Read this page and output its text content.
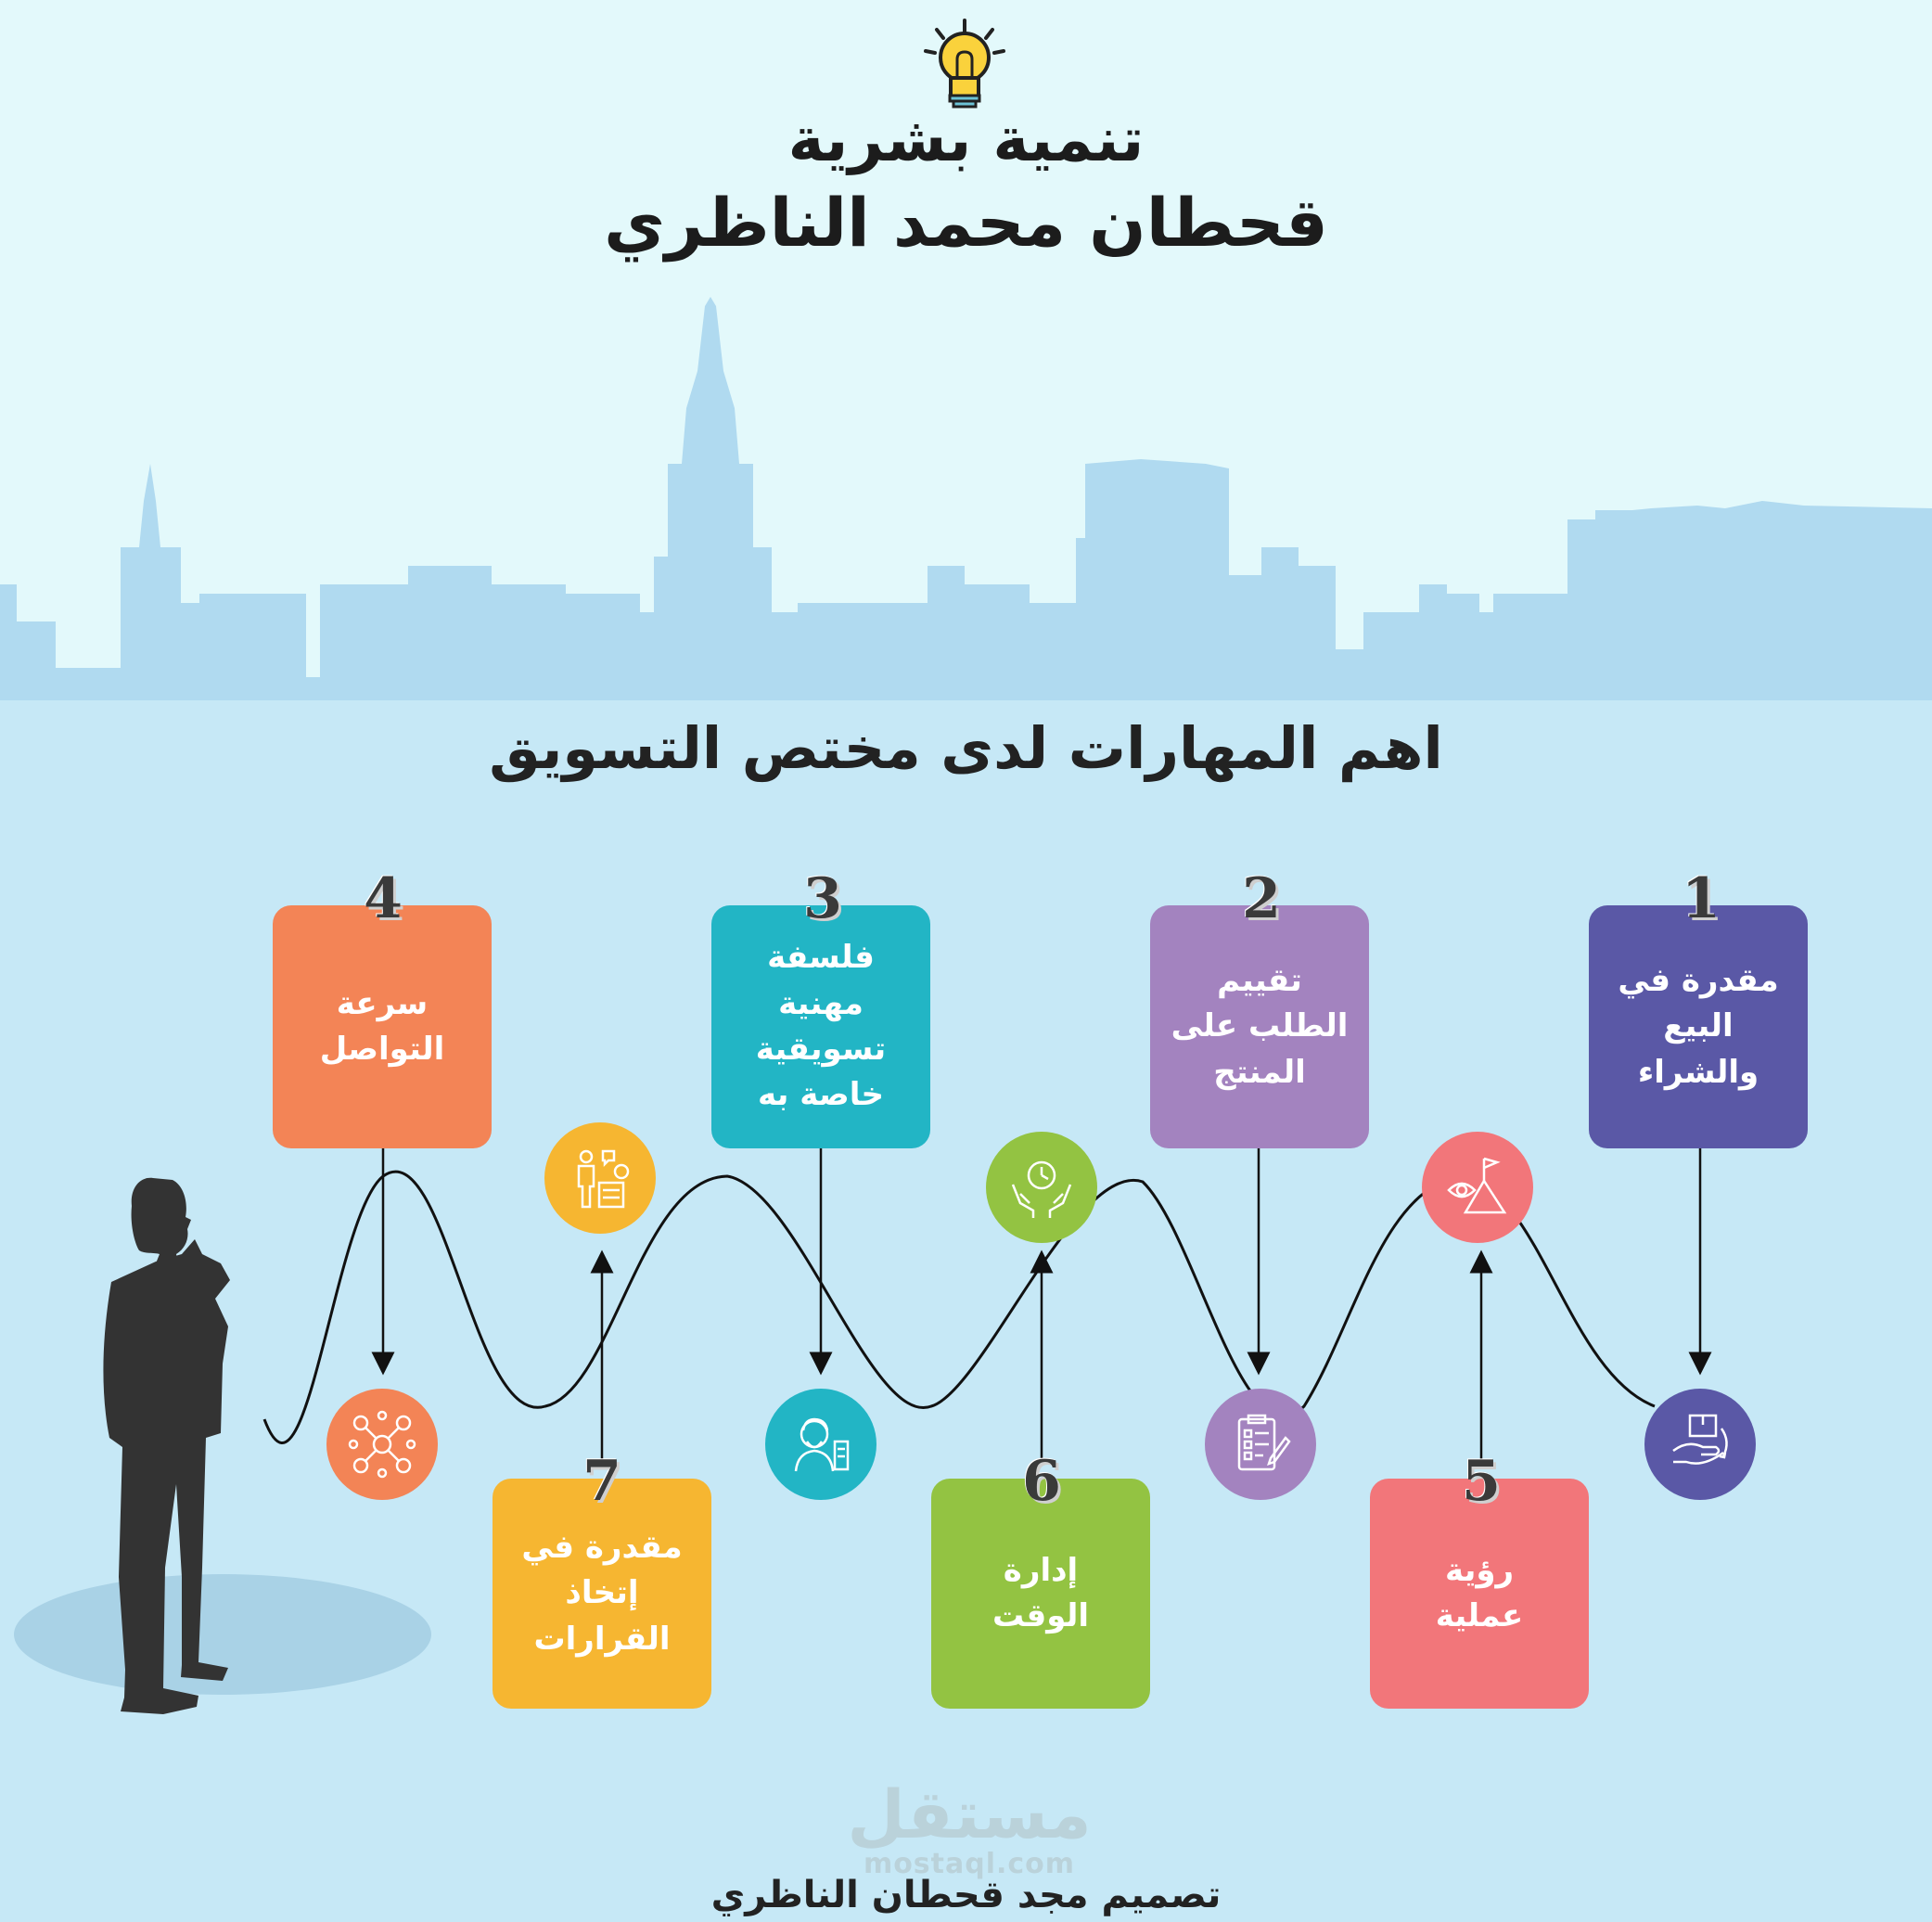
تنمية بشرية
قحطان محمد الناظري
اهم المهارات لدى مختص التسويق
مقدرة في
البيع
والشراء
تقييم
الطلب على
المنتج
فلسفة مهنية
تسويقية
خاصة به
سرعة
التواصل
رؤية
عملية
إدارة
الوقت
مقدرة في
إتخاذ
القرارات
1
2
3
4
5
6
7
مستقل
mostaql.com
تصميم مجد قحطان الناظري
